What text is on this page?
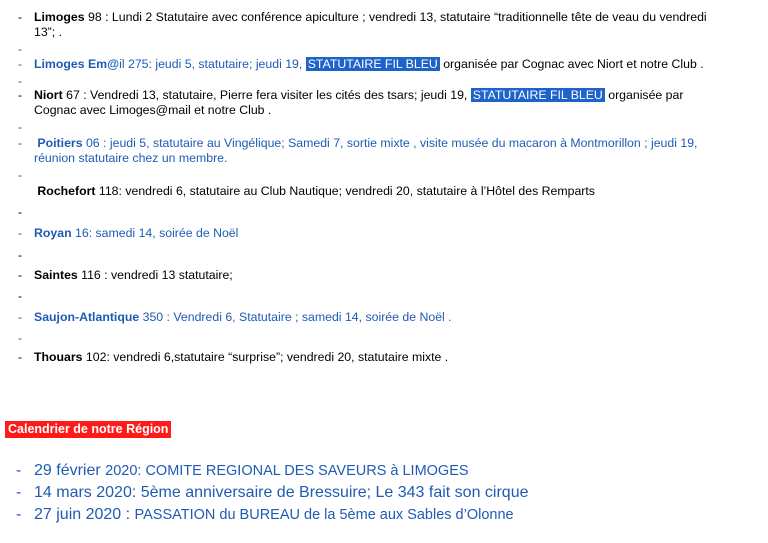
- Limoges 98 : Lundi 2 Statutaire avec conférence apiculture ; vendredi 13, statutaire “traditionnelle tête de veau du vendredi
13”; .
-
- Limoges Em@il 275: jeudi 5, statutaire; jeudi 19, STATUTAIRE FIL BLEU organisée par Cognac avec Niort et notre Club .
-
- Niort 67 : Vendredi 13, statutaire, Pierre fera visiter les cités des tsars; jeudi 19, STATUTAIRE FIL BLEU organisée par
Cognac avec Limoges@mail et notre Club .
-
- Poitiers 06 : jeudi 5, statutaire au Vingélique; Samedi 7, sortie mixte , visite musée du macaron à Montmorillon ; jeudi 19,
réunion statutaire chez un membre.
-
Rochefort 118: vendredi 6, statutaire au Club Nautique; vendredi 20, statutaire à l’Hôtel des Remparts
-
- Royan 16: samedi 14, soirée de Noël
-
- Saintes 116 : vendredi 13 statutaire;
-
- Saujon-Atlantique 350 : Vendredi 6, Statutaire ; samedi 14, soirée de Noël .
-
- Thouars 102: vendredi 6,statutaire “surprise”; vendredi 20, statutaire mixte .
Calendrier de notre Région
- 29 février 2020: COMITE REGIONAL DES SAVEURS à LIMOGES
- 14 mars 2020: 5ème anniversaire de Bressuire; Le 343 fait son cirque
- 27 juin 2020 : PASSATION du BUREAU de la 5ème aux Sables d’Olonne
